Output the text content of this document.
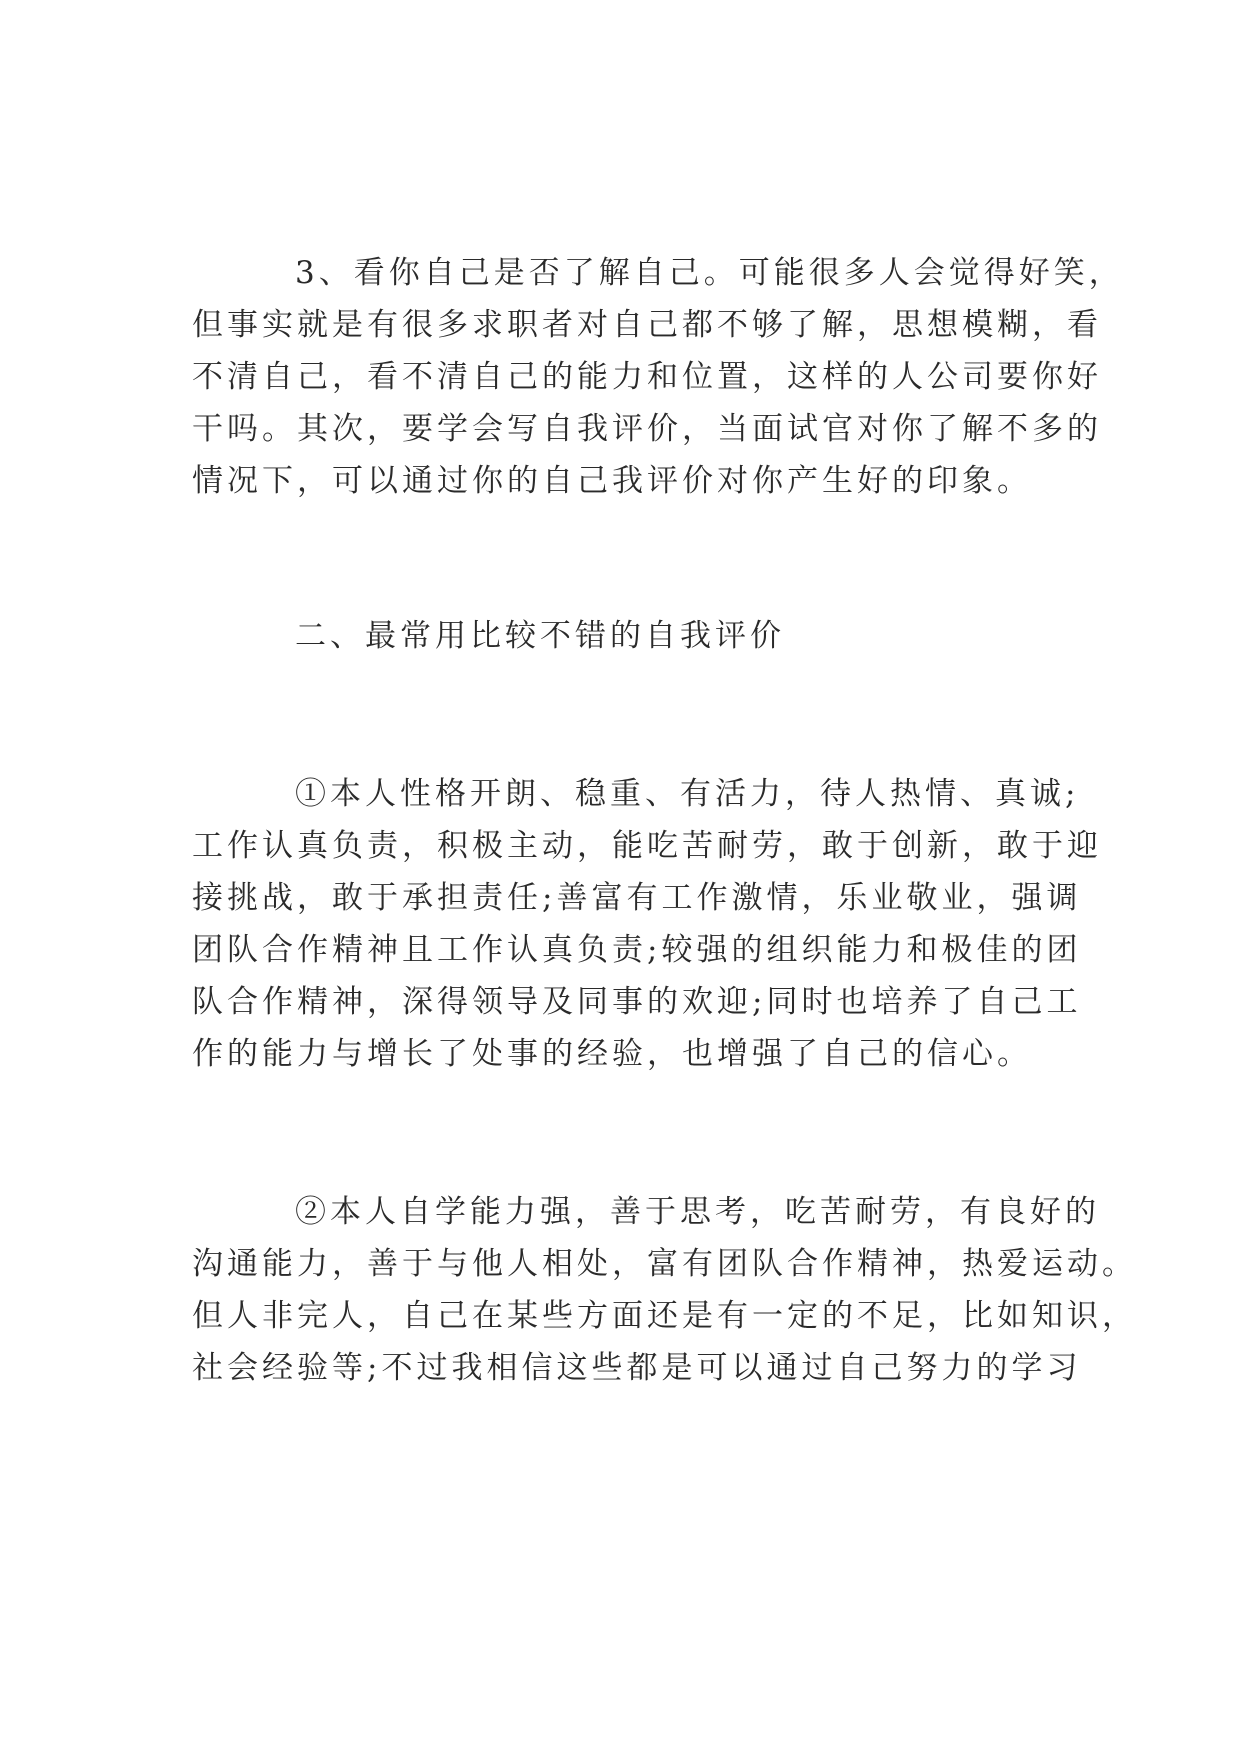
3、看你自己是否了解自己。可能很多人会觉得好笑，

但事实就是有很多求职者对自己都不够了解，思想模糊，看

不清自己，看不清自己的能力和位置，这样的人公司要你好

干吗。其次，要学会写自我评价，当面试官对你了解不多的

情况下，可以通过你的自己我评价对你产生好的印象。

二、最常用比较不错的自我评价

①本人性格开朗、稳重、有活力，待人热情、真诚;

工作认真负责，积极主动，能吃苦耐劳，敢于创新，敢于迎

接挑战，敢于承担责任;善富有工作激情，乐业敬业，强调

团队合作精神且工作认真负责;较强的组织能力和极佳的团

队合作精神，深得领导及同事的欢迎;同时也培养了自己工

作的能力与增长了处事的经验，也增强了自己的信心。

②本人自学能力强，善于思考，吃苦耐劳，有良好的

沟通能力，善于与他人相处，富有团队合作精神，热爱运动。

但人非完人，自己在某些方面还是有一定的不足，比如知识，

社会经验等;不过我相信这些都是可以通过自己努力的学习
